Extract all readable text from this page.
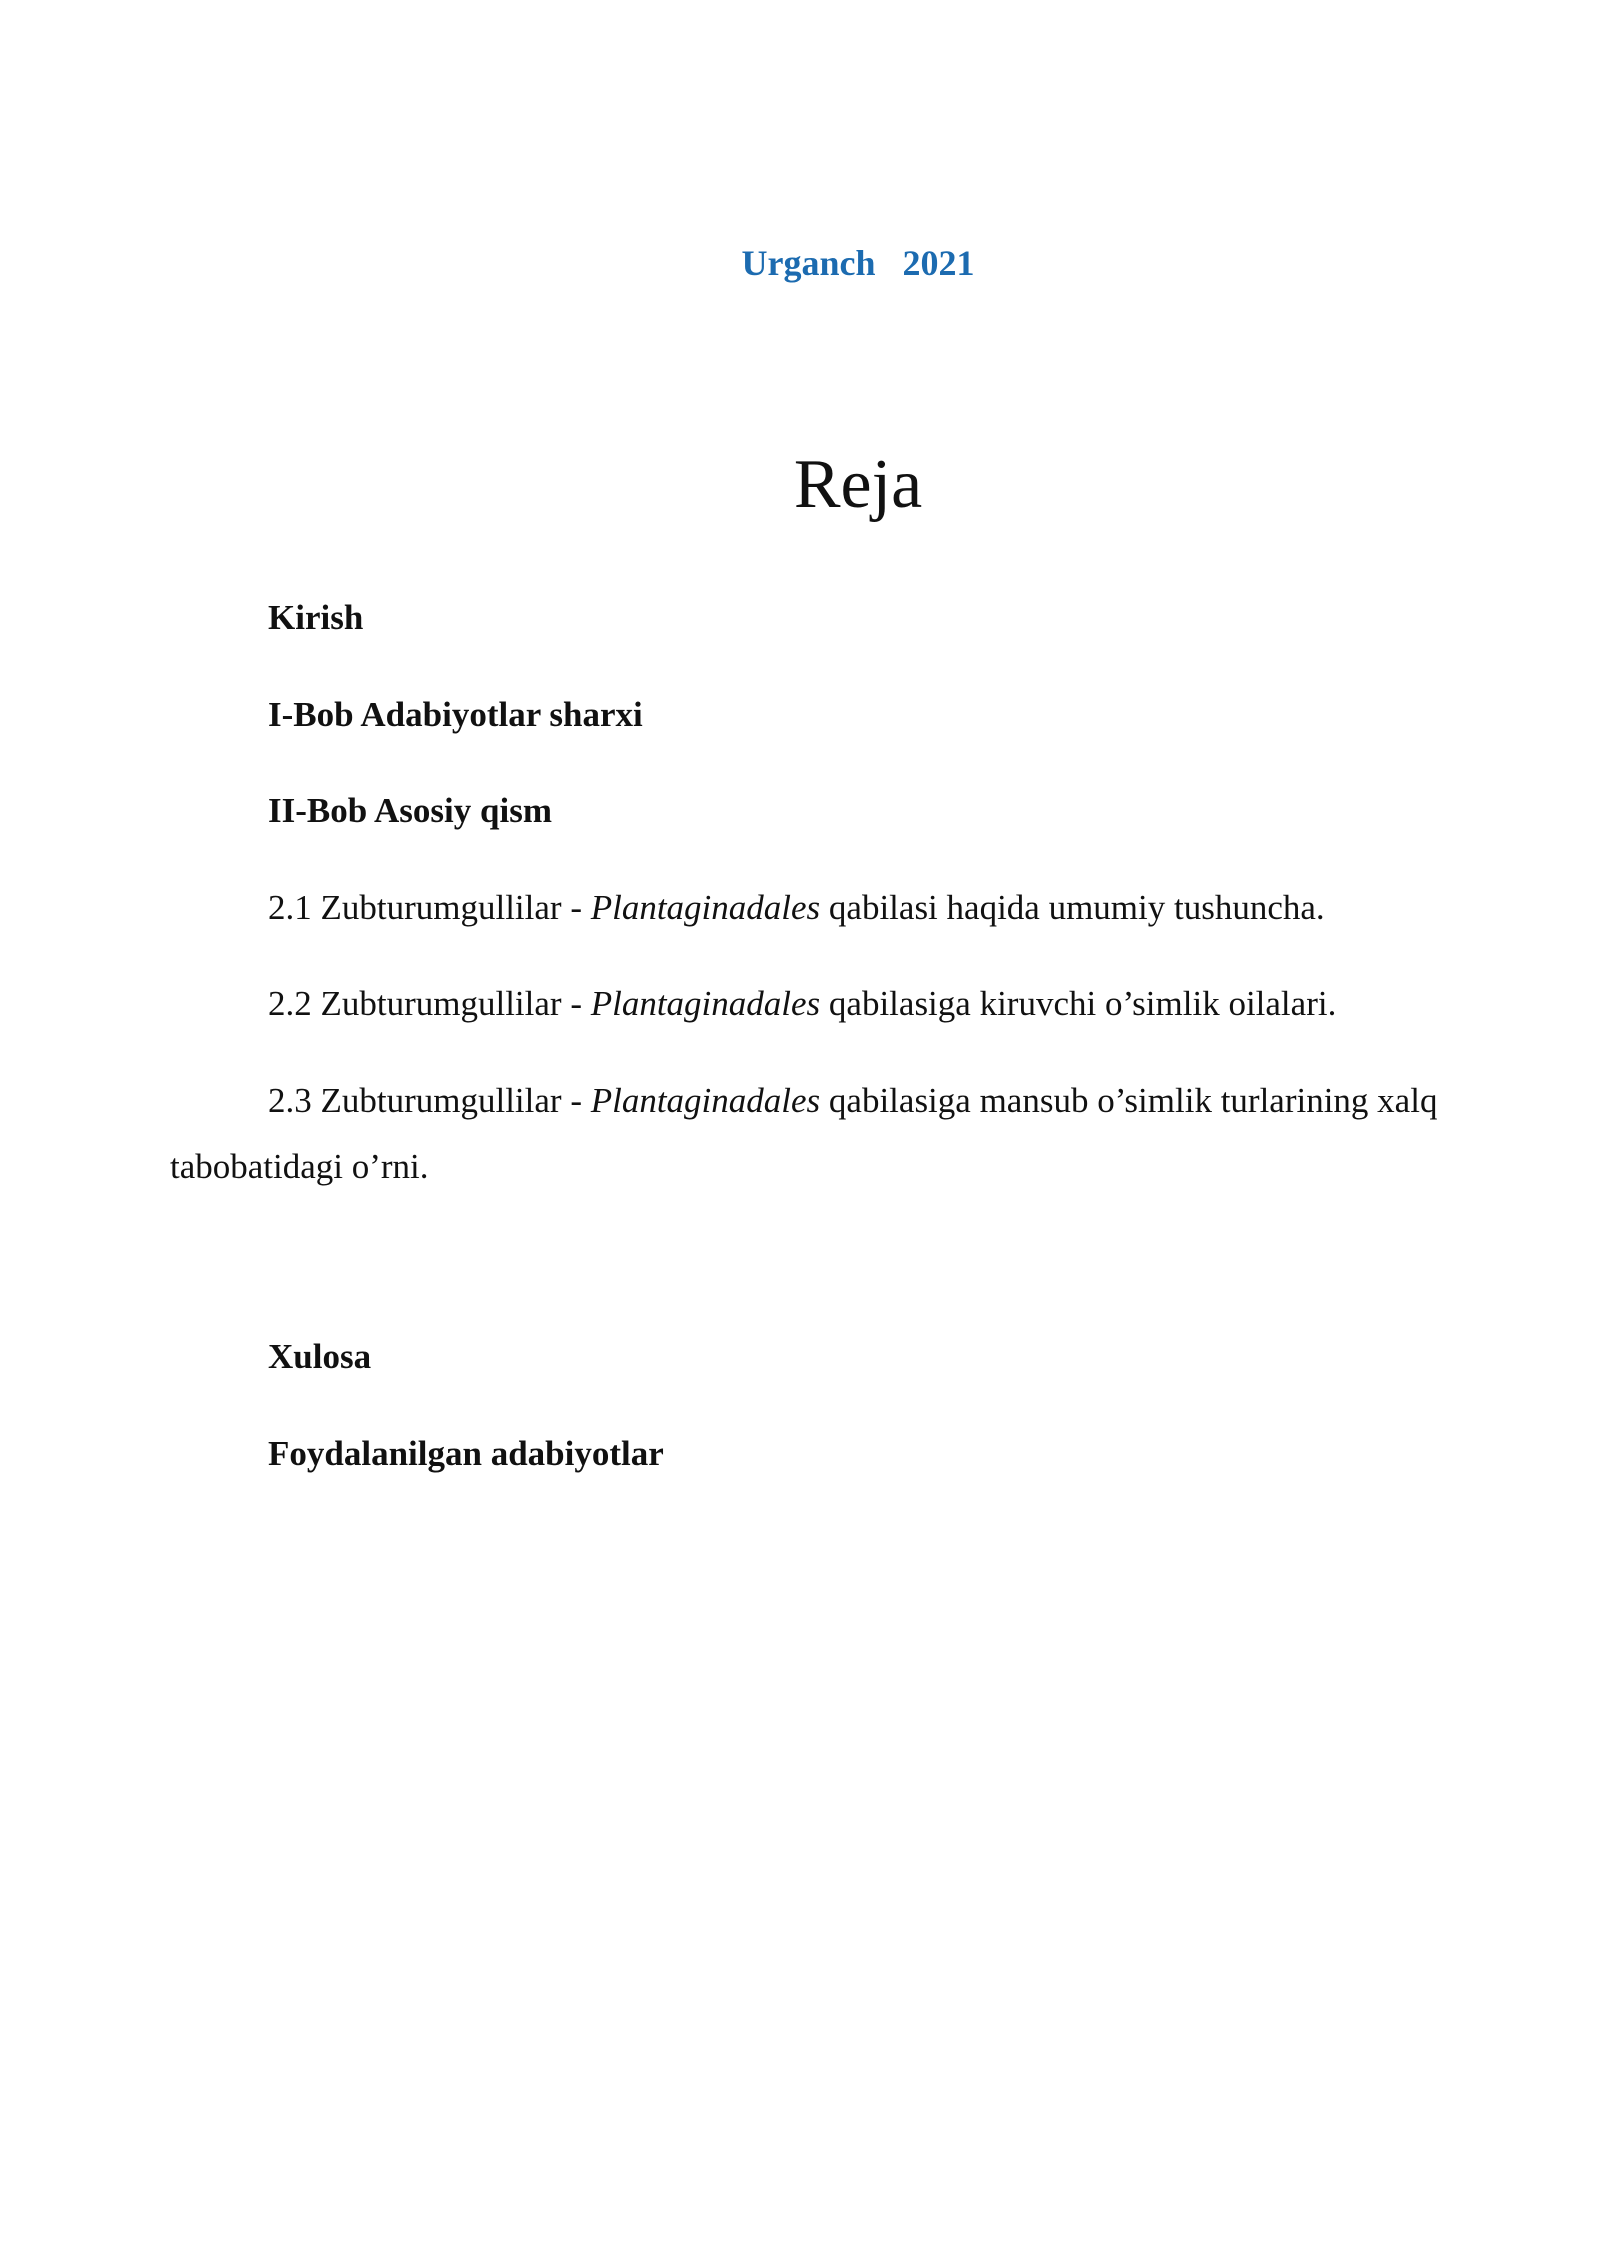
Urganch 2021
Reja
Kirish
I-Bob Adabiyotlar sharxi
II-Bob Asosiy qism
2.1 Zubturumgullilar - Plantaginadales qabilasi haqida umumiy tushuncha.
2.2 Zubturumgullilar - Plantaginadales qabilasiga kiruvchi o’simlik oilalari.
2.3 Zubturumgullilar - Plantaginadales qabilasiga mansub o’simlik turlarining xalq tabobatidagi o’rni.
Xulosa
Foydalanilgan adabiyotlar
